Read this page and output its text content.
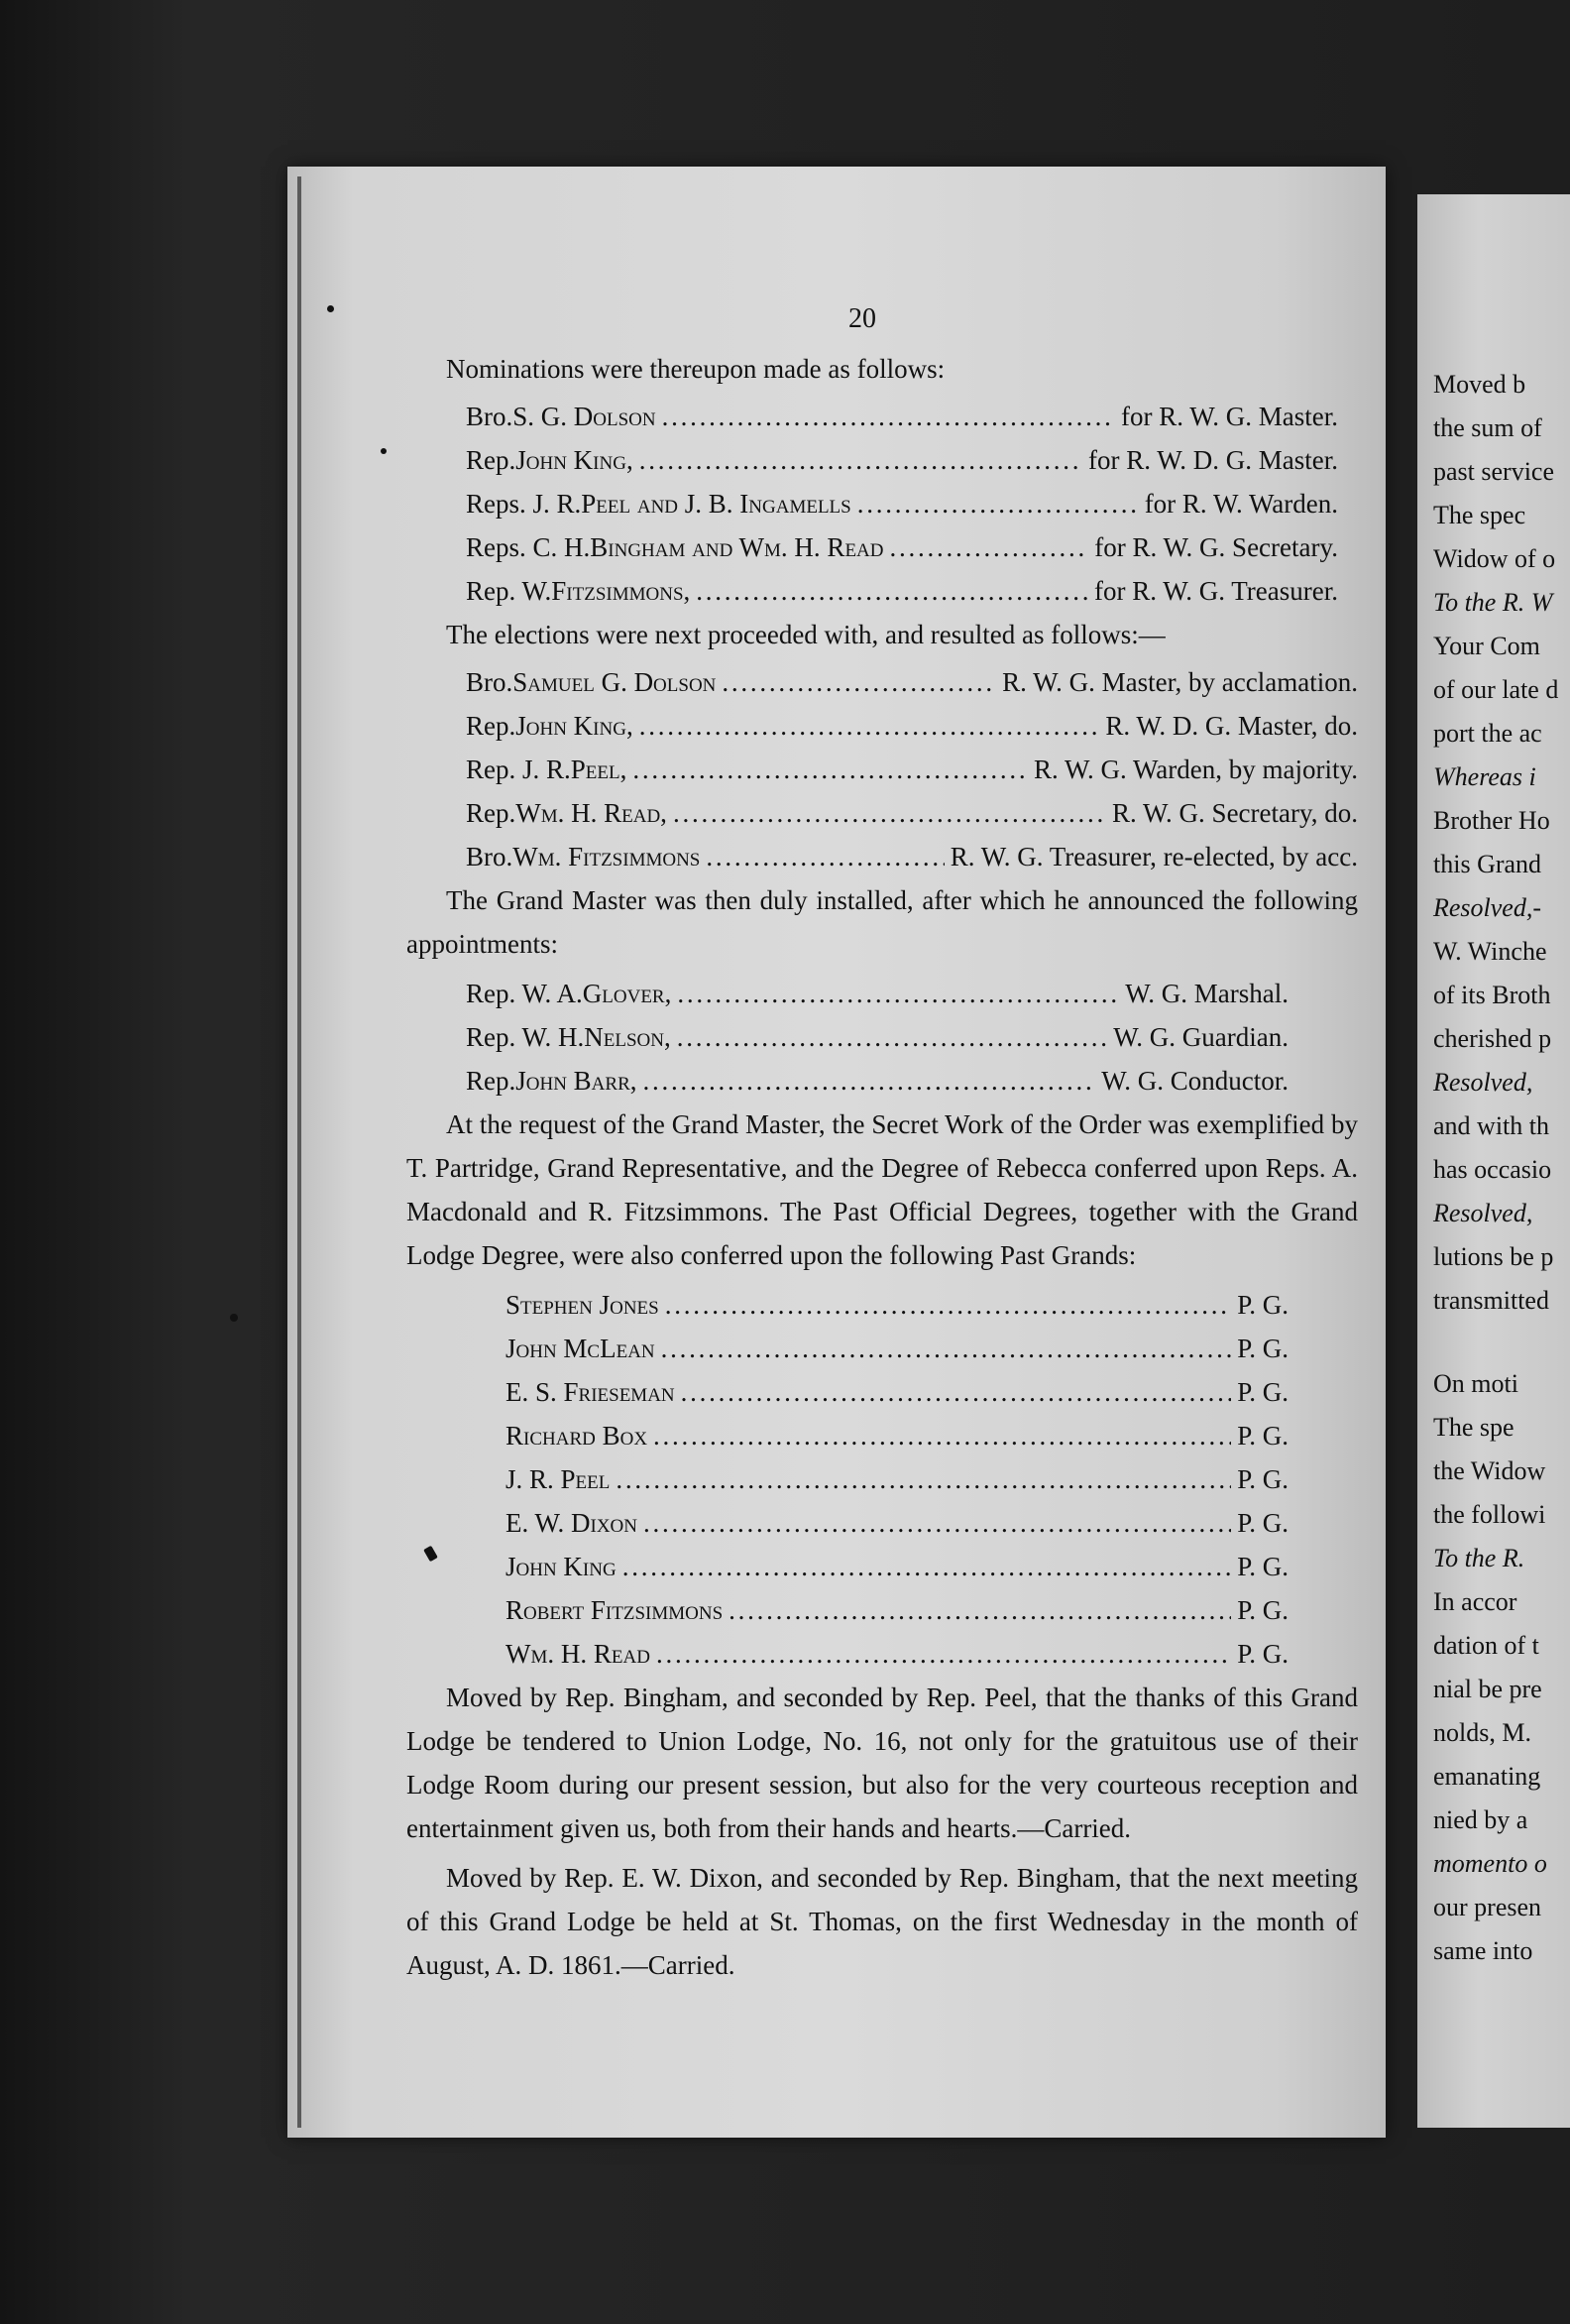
Moved b
the sum of
past service
The spec
Widow of o
To the R. W
Your Com
of our late d
port the ac
Whereas i
Brother Ho
this Grand
Resolved,-
W. Winche
of its Broth
cherished p
Resolved,
and with th
has occasio
Resolved,
lutions be p
transmitted
On moti
The spe
the Widow
the followi
To the R.
In accor
dation of t
nial be pre
nolds, M.
emanating
nied by a
momento o
our presen
same into
20

Nominations were thereupon made as follows:

Bro. S. G. Dolson . . .	for R. W. G. Master.
Rep. John King, . . .	for R. W. D. G. Master.
Reps. J. R. Peel and J. B. Ingamells . . .	for R. W. Warden.
Reps. C. H. Bingham and Wm. H. Read . . .	for R. W. G. Secretary.
Rep. W. Fitzsimmons, . . .	for R. W. G. Treasurer.

The elections were next proceeded with, and resulted as follows:—

Bro. Samuel G. Dolson . . .	R. W. G. Master, by acclamation.
Rep. John King, . . .	R. W. D. G. Master, do.
Rep. J. R. Peel, . . .	R. W. G. Warden, by majority.
Rep. Wm. H. Read, . . .	R. W. G. Secretary, do.
Bro. Wm. Fitzsimmons . . .	R. W. G. Treasurer, re-elected, by acc.

The Grand Master was then duly installed, after which he announced the following appointments:

Rep. W. A. Glover, . . .	W. G. Marshal.
Rep. W. H. Nelson, . . .	W. G. Guardian.
Rep. John Barr, . . .	W. G. Conductor.

At the request of the Grand Master, the Secret Work of the Order was exemplified by T. Partridge, Grand Representative, and the Degree of Rebecca conferred upon Reps. A. Macdonald and R. Fitzsimmons. The Past Official Degrees, together with the Grand Lodge Degree, were also conferred upon the following Past Grands:

Stephen Jones . . .	P. G.
John McLean . . .	P. G.
E. S. Frieseman . . .	P. G.
Richard Box . . .	P. G.
J. R. Peel . . .	P. G.
E. W. Dixon . . .	P. G.
John King . . .	P. G.
Robert Fitzsimmons . . .	P. G.
Wm. H. Read . . .	P. G.

Moved by Rep. Bingham, and seconded by Rep. Peel, that the thanks of this Grand Lodge be tendered to Union Lodge, No. 16, not only for the gratuitous use of their Lodge Room during our present session, but also for the very courteous reception and entertainment given us, both from their hands and hearts.—Carried.

Moved by Rep. E. W. Dixon, and seconded by Rep. Bingham, that the next meeting of this Grand Lodge be held at St. Thomas, on the first Wednesday in the month of August, A. D. 1861.—Carried.
